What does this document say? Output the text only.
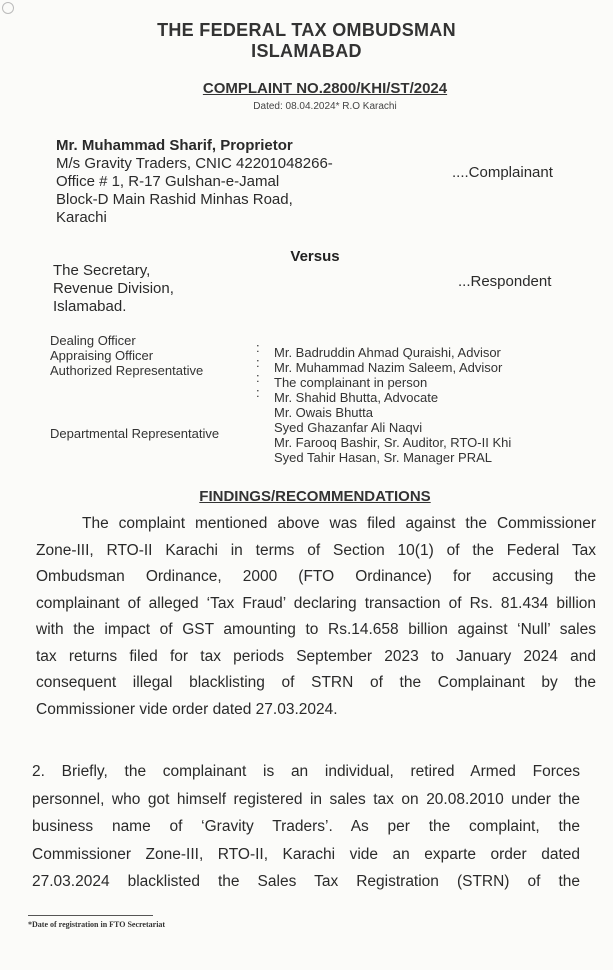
THE FEDERAL TAX OMBUDSMAN
ISLAMABAD
COMPLAINT NO.2800/KHI/ST/2024
Dated: 08.04.2024* R.O Karachi
Mr. Muhammad Sharif, Proprietor
M/s Gravity Traders, CNIC 42201048266-
Office # 1, R-17 Gulshan-e-Jamal
Block-D Main Rashid Minhas Road,
Karachi
....Complainant
Versus
The Secretary,
Revenue Division,
Islamabad.
...Respondent
Dealing Officer
Appraising Officer
Authorized Representative
Departmental Representative
:
:
:
:
Mr. Badruddin Ahmad Quraishi, Advisor
Mr. Muhammad Nazim Saleem, Advisor
The complainant in person
Mr. Shahid Bhutta, Advocate
Mr. Owais Bhutta
Syed Ghazanfar Ali Naqvi
Mr. Farooq Bashir, Sr. Auditor, RTO-II Khi
Syed Tahir Hasan, Sr. Manager PRAL
FINDINGS/RECOMMENDATIONS
The complaint mentioned above was filed against the Commissioner
Zone-III, RTO-II Karachi in terms of Section 10(1) of the Federal Tax
Ombudsman Ordinance, 2000 (FTO Ordinance) for accusing the
complainant of alleged ‘Tax Fraud’ declaring transaction of Rs. 81.434 billion
with the impact of GST amounting to Rs.14.658 billion against ‘Null’ sales
tax returns filed for tax periods September 2023 to January 2024 and
consequent illegal blacklisting of STRN of the Complainant by the
Commissioner vide order dated 27.03.2024.
2. Briefly, the complainant is an individual, retired Armed Forces
personnel, who got himself registered in sales tax on 20.08.2010 under the
business name of ‘Gravity Traders’. As per the complaint, the
Commissioner Zone-III, RTO-II, Karachi vide an exparte order dated
27.03.2024 blacklisted the Sales Tax Registration (STRN) of the
*Date of registration in FTO Secretariat
